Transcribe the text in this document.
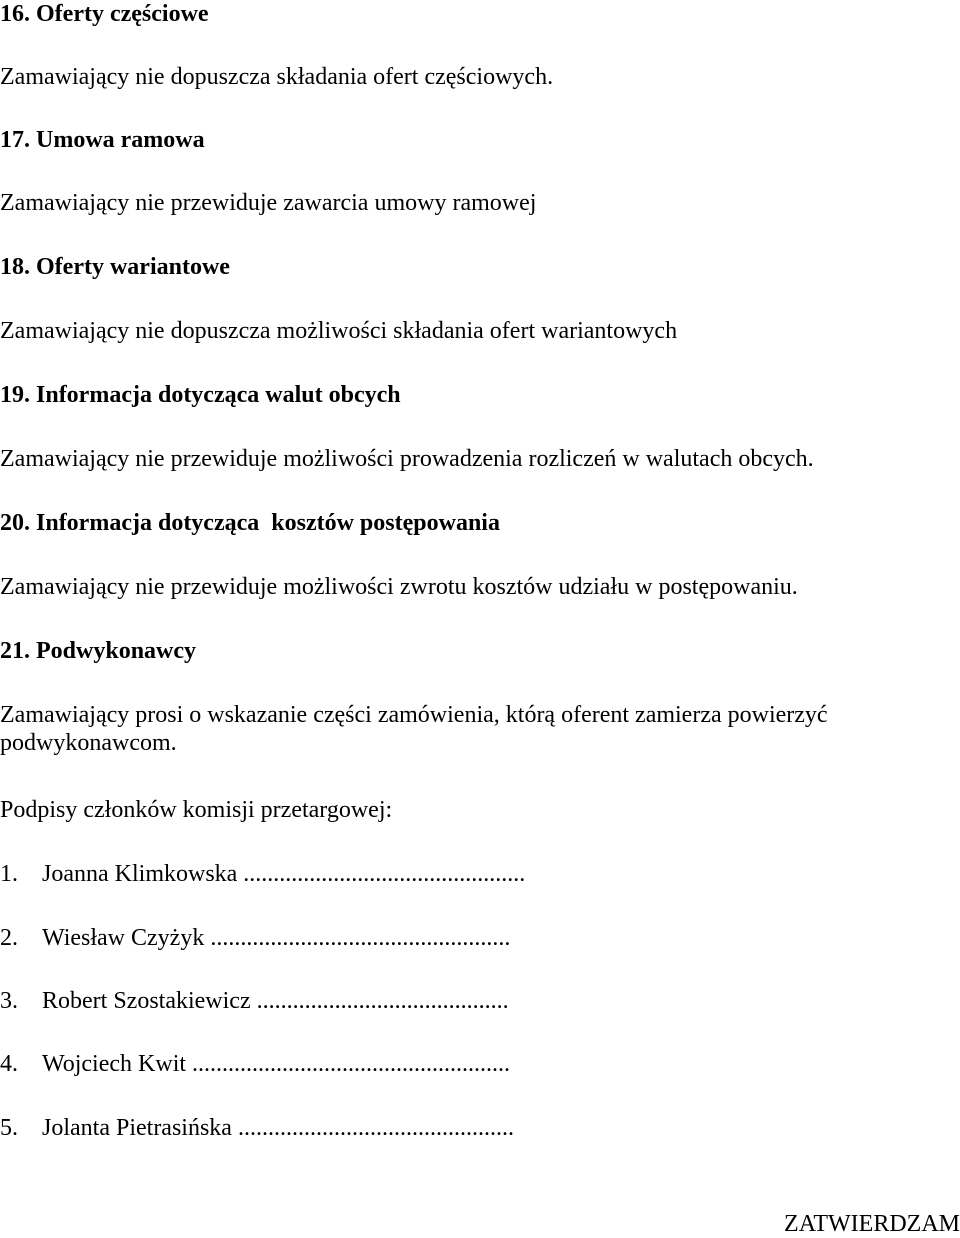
16. Oferty częściowe
Zamawiający nie dopuszcza składania ofert częściowych.
17. Umowa ramowa
Zamawiający nie przewiduje zawarcia umowy ramowej
18. Oferty wariantowe
Zamawiający nie dopuszcza możliwości składania ofert wariantowych
19. Informacja dotycząca walut obcych
Zamawiający nie przewiduje możliwości prowadzenia rozliczeń w walutach obcych.
20. Informacja dotycząca  kosztów postępowania
Zamawiający nie przewiduje możliwości zwrotu kosztów udziału w postępowaniu.
21. Podwykonawcy
Zamawiający prosi o wskazanie części zamówienia, którą oferent zamierza powierzyć podwykonawcom.
Podpisy członków komisji przetargowej:
1. Joanna Klimkowska ...............................................
2. Wiesław Czyżyk ..................................................
3. Robert Szostakiewicz ..........................................
4. Wojciech Kwit .....................................................
5. Jolanta Pietrasińska ..............................................
ZATWIERDZAM
